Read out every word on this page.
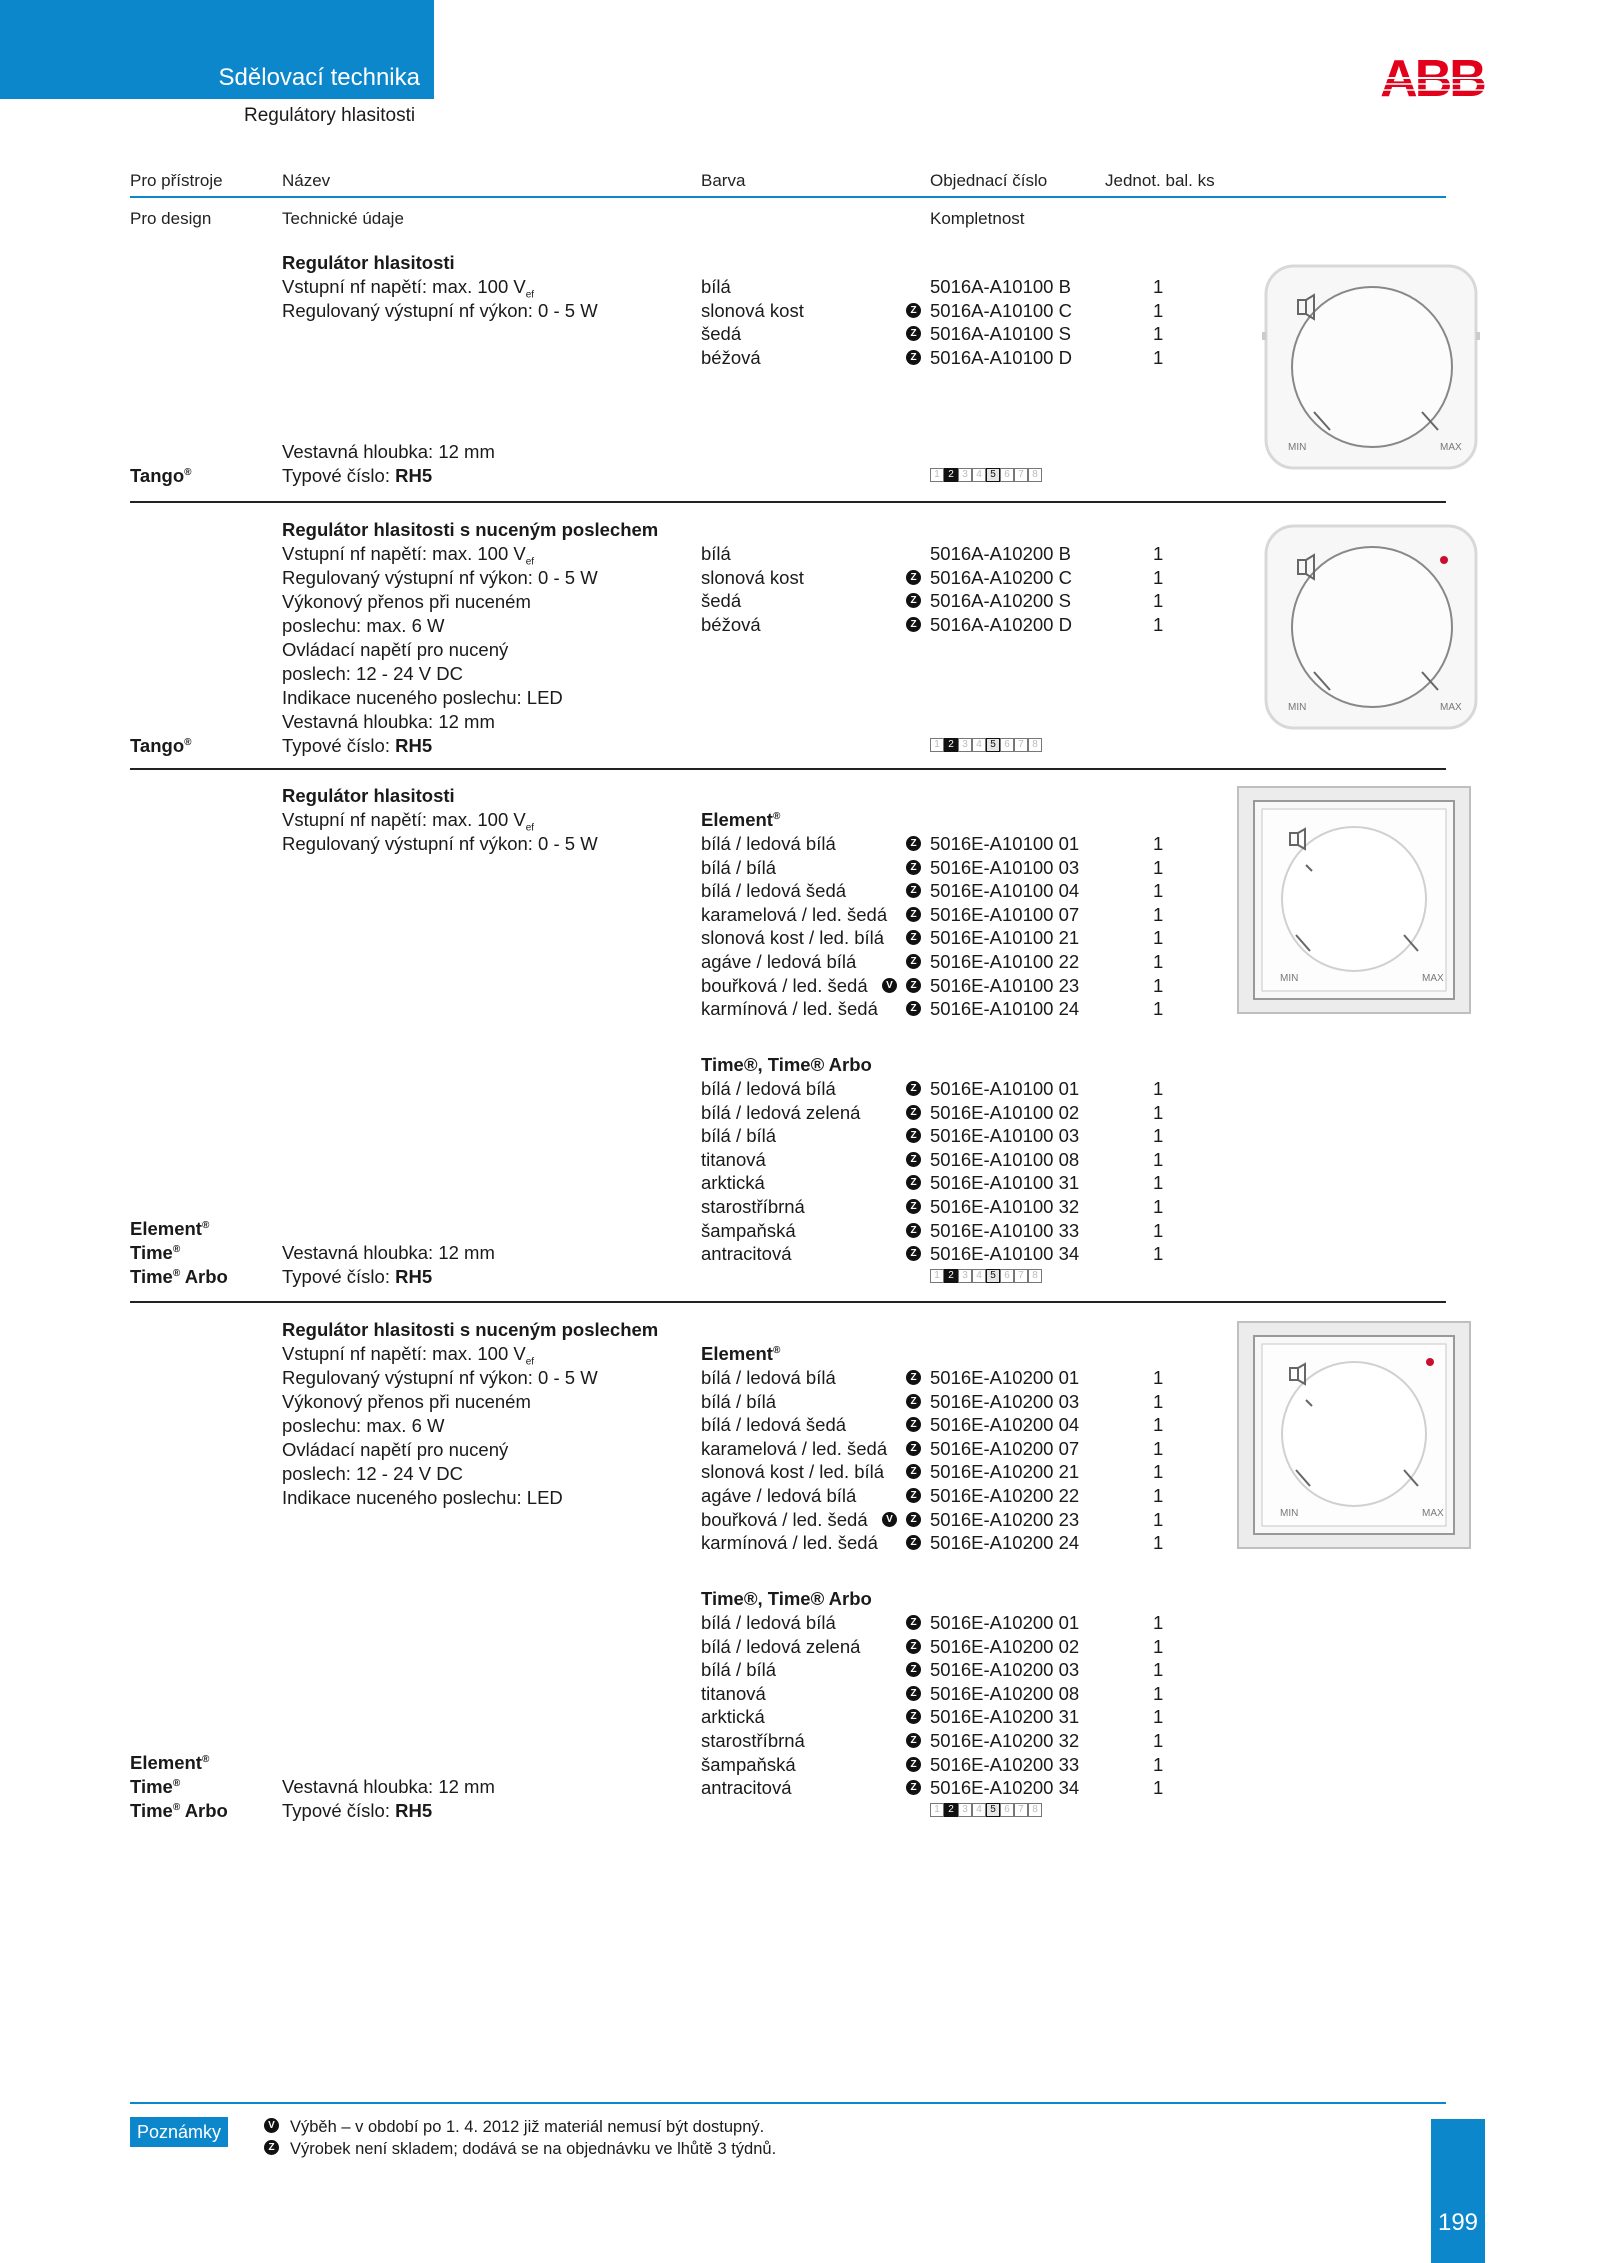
Sdělovací technika
Regulátory hlasitosti
ABB
Pro přístroje	Název	Barva	Objednací číslo	Jednot. bal. ks
Pro design	Technické údaje	Kompletnost
Regulátor hlasitosti
Vstupní nf napětí: max. 100 $V_{ef}$
Regulovaný výstupní nf výkon: 0 - 5 W
bílá	5016A-A10100 B	1
slonová kost	Z 5016A-A10100 C	1
šedá	Z 5016A-A10100 S	1
béžová	Z 5016A-A10100 D	1
Vestavná hloubka: 12 mm
Typové číslo: RH5
Tango®	1 2 3 4 5 6 7 8
MIN	MAX
Regulátor hlasitosti s nuceným poslechem
Vstupní nf napětí: max. 100 $V_{ef}$
Regulovaný výstupní nf výkon: 0 - 5 W
Výkonový přenos při nuceném
poslechu: max. 6 W
Ovládací napětí pro nucený
poslech: 12 - 24 V DC
Indikace nuceného poslechu: LED
bílá	5016A-A10200 B	1
slonová kost	Z 5016A-A10200 C	1
šedá	Z 5016A-A10200 S	1
béžová	Z 5016A-A10200 D	1
Vestavná hloubka: 12 mm
Typové číslo: RH5
Tango®	1 2 3 4 5 6 7 8
MIN	MAX
Regulátor hlasitosti
Vstupní nf napětí: max. 100 $V_{ef}$
Regulovaný výstupní nf výkon: 0 - 5 W
Element®
bílá / ledová bílá	Z 5016E-A10100 01	1
bílá / bílá	Z 5016E-A10100 03	1
bílá / ledová šedá	Z 5016E-A10100 04	1
karamelová / led. šedá	Z 5016E-A10100 07	1
slonová kost / led. bílá	Z 5016E-A10100 21	1
agáve / ledová bílá	Z 5016E-A10100 22	1
bouřková / led. šedá	V	Z 5016E-A10100 23	1
karmínová / led. šedá	Z 5016E-A10100 24	1
Time®, Time® Arbo
bílá / ledová bílá	Z 5016E-A10100 01	1
bílá / ledová zelená	Z 5016E-A10100 02	1
bílá / bílá	Z 5016E-A10100 03	1
titanová	Z 5016E-A10100 08	1
arktická	Z 5016E-A10100 31	1
starostříbrná	Z 5016E-A10100 32	1
šampaňská	Z 5016E-A10100 33	1
antracitová	Z 5016E-A10100 34	1
Vestavná hloubka: 12 mm
Typové číslo: RH5
Element®
Time®
Time® Arbo	1 2 3 4 5 6 7 8
MIN	MAX
Regulátor hlasitosti s nuceným poslechem
Vstupní nf napětí: max. 100 $V_{ef}$
Regulovaný výstupní nf výkon: 0 - 5 W
Výkonový přenos při nuceném
poslechu: max. 6 W
Ovládací napětí pro nucený
poslech: 12 - 24 V DC
Indikace nuceného poslechu: LED
Element®
bílá / ledová bílá	Z 5016E-A10200 01	1
bílá / bílá	Z 5016E-A10200 03	1
bílá / ledová šedá	Z 5016E-A10200 04	1
karamelová / led. šedá	Z 5016E-A10200 07	1
slonová kost / led. bílá	Z 5016E-A10200 21	1
agáve / ledová bílá	Z 5016E-A10200 22	1
bouřková / led. šedá	V	Z 5016E-A10200 23	1
karmínová / led. šedá	Z 5016E-A10200 24	1
Time®, Time® Arbo
bílá / ledová bílá	Z 5016E-A10200 01	1
bílá / ledová zelená	Z 5016E-A10200 02	1
bílá / bílá	Z 5016E-A10200 03	1
titanová	Z 5016E-A10200 08	1
arktická	Z 5016E-A10200 31	1
starostříbrná	Z 5016E-A10200 32	1
šampaňská	Z 5016E-A10200 33	1
antracitová	Z 5016E-A10200 34	1
Vestavná hloubka: 12 mm
Typové číslo: RH5
Element®
Time®
Time® Arbo	1 2 3 4 5 6 7 8
MIN	MAX
Poznámky	V Výběh – v období po 1. 4. 2012 již materiál nemusí být dostupný.
Z Výrobek není skladem; dodává se na objednávku ve lhůtě 3 týdnů.
199
